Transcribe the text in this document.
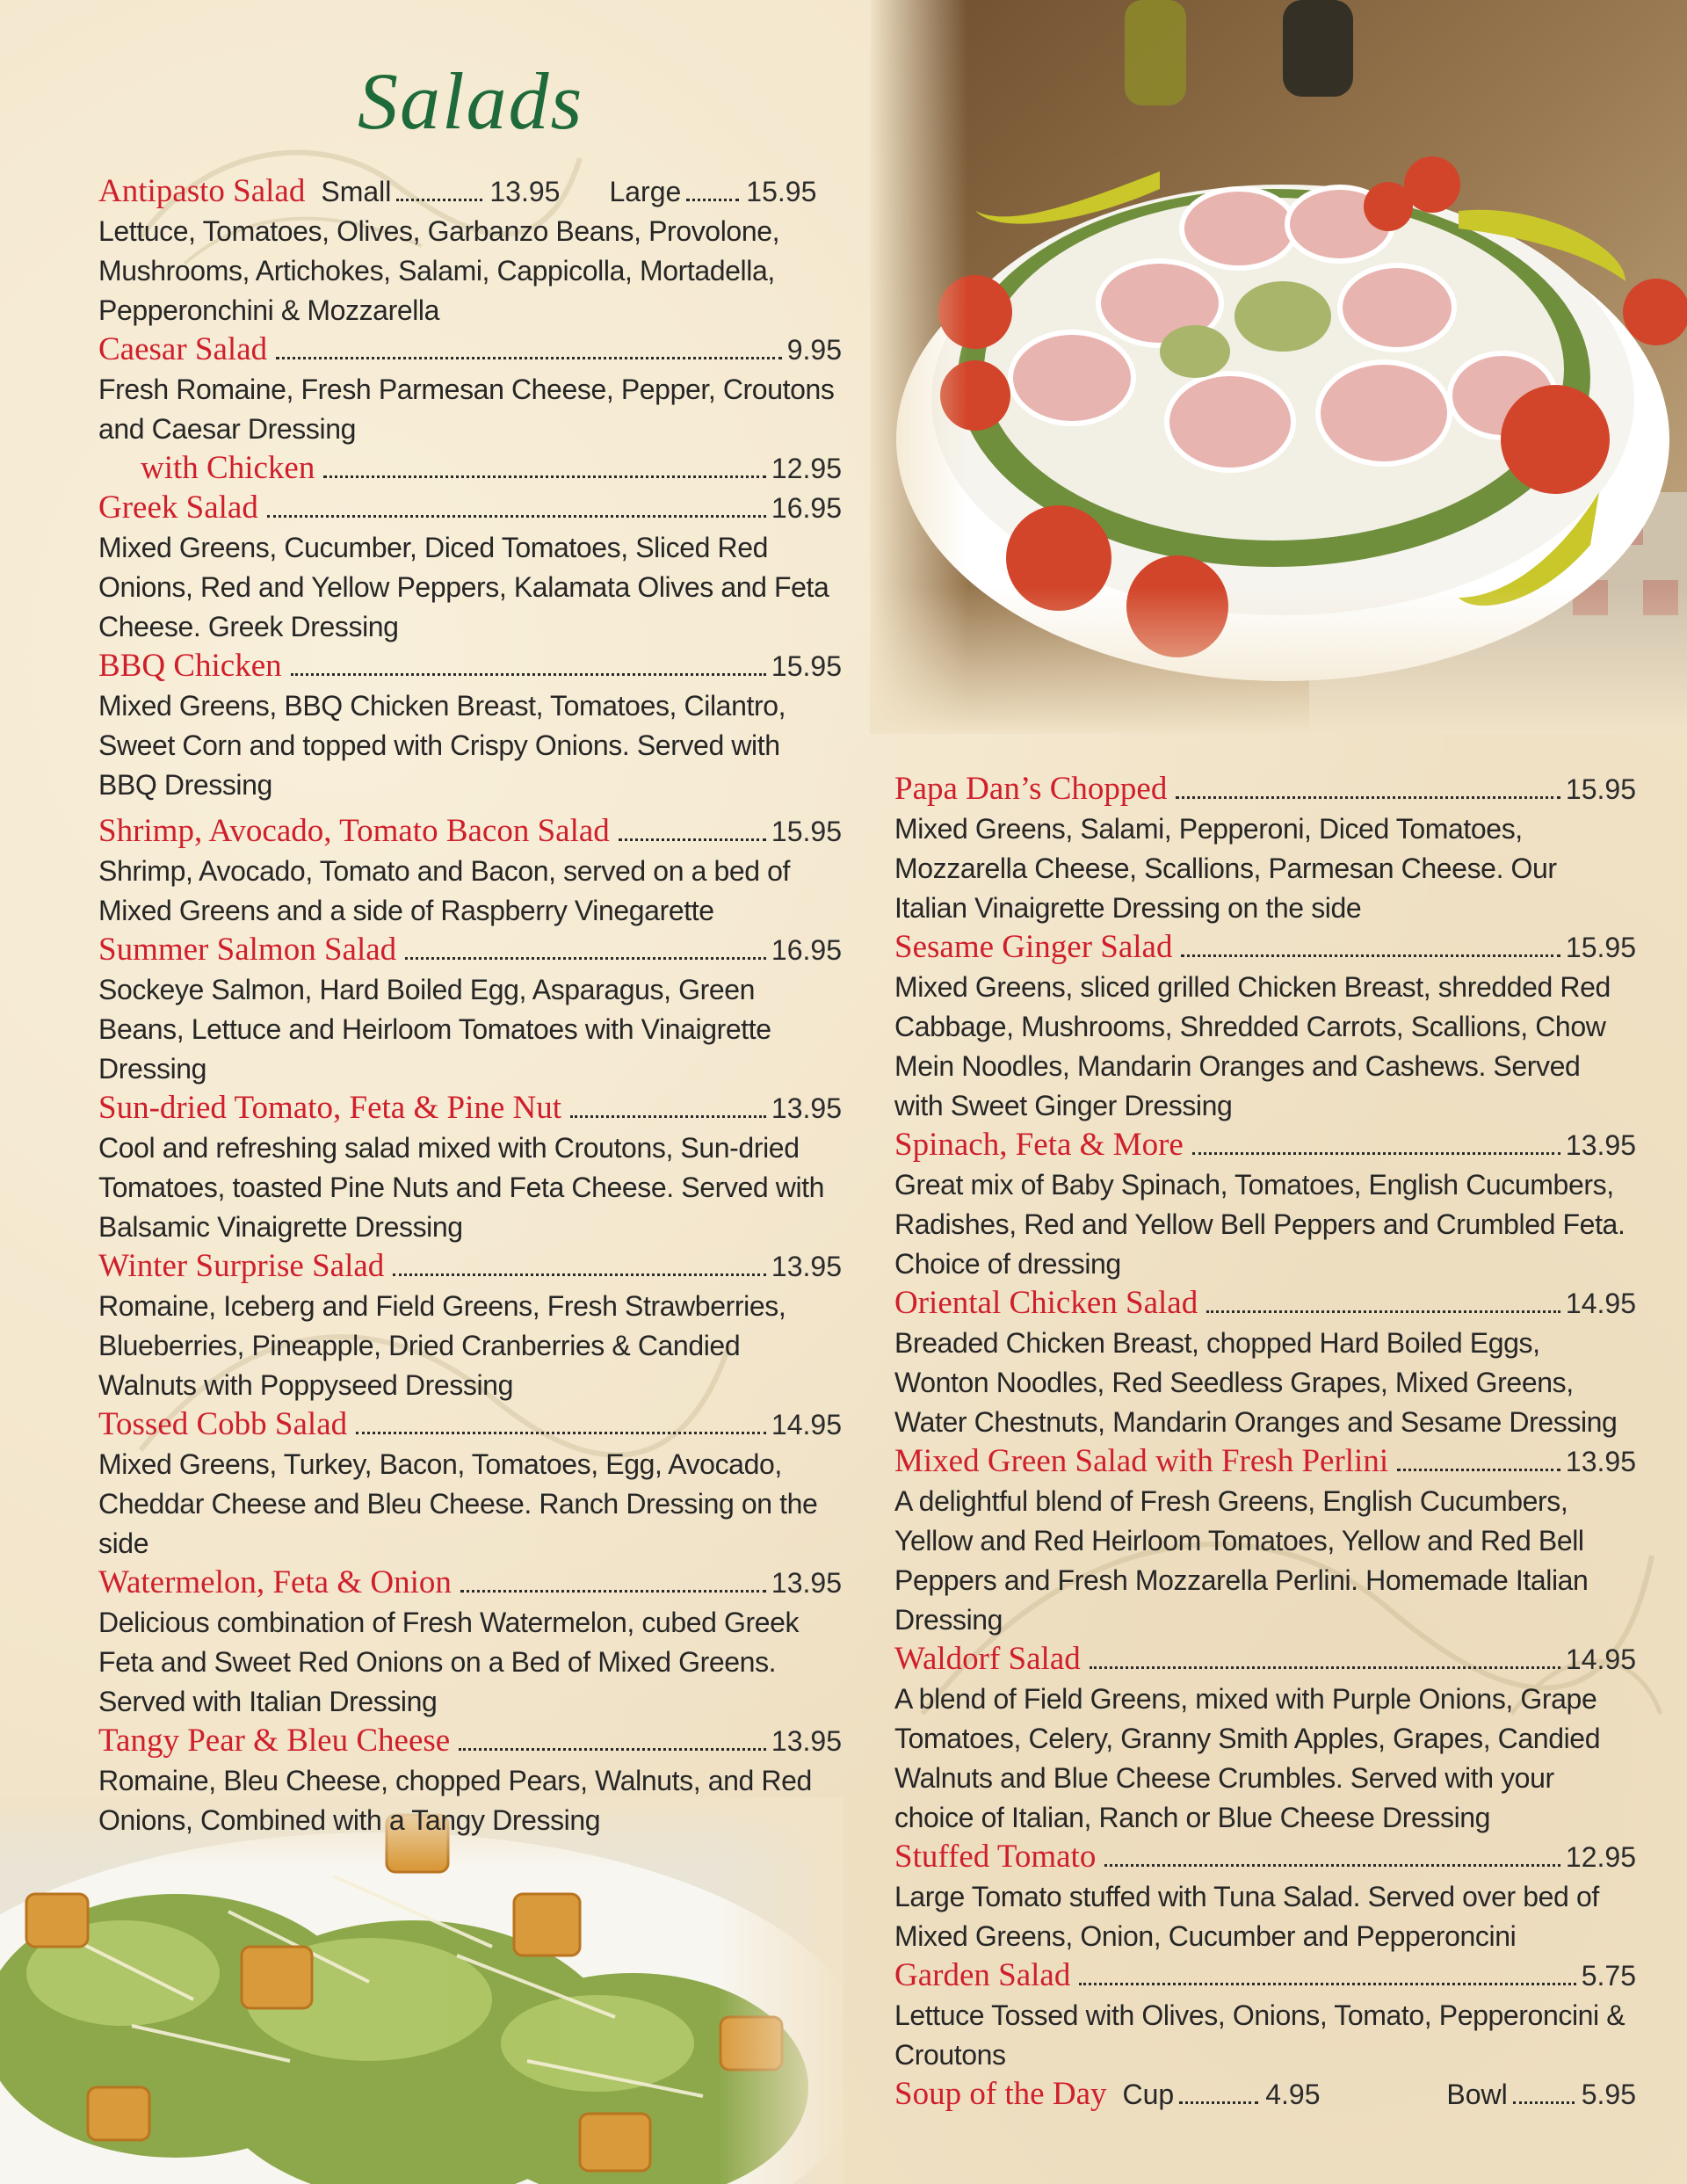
Salads
Antipasto Salad Small	13.95 Large 15.95
Lettuce, Tomatoes, Olives, Garbanzo Beans, Provolone, Mushrooms, Artichokes, Salami, Cappicolla, Mortadella, Pepperonchini & Mozzarella
Caesar Salad	9.95
Fresh Romaine, Fresh Parmesan Cheese, Pepper, Croutons and Caesar Dressing
with Chicken	12.95
Greek Salad	16.95
Mixed Greens, Cucumber, Diced Tomatoes, Sliced Red Onions, Red and Yellow Peppers, Kalamata Olives and Feta Cheese. Greek Dressing
BBQ Chicken	15.95
Mixed Greens, BBQ Chicken Breast, Tomatoes, Cilantro, Sweet Corn and topped with Crispy Onions. Served with BBQ Dressing
Shrimp, Avocado, Tomato Bacon Salad	15.95
Shrimp, Avocado, Tomato and Bacon, served on a bed of Mixed Greens and a side of Raspberry Vinegarette
Summer Salmon Salad	16.95
Sockeye Salmon, Hard Boiled Egg, Asparagus, Green Beans, Lettuce and Heirloom Tomatoes with Vinaigrette Dressing
Sun-dried Tomato, Feta & Pine Nut	13.95
Cool and refreshing salad mixed with Croutons, Sun-dried Tomatoes, toasted Pine Nuts and Feta Cheese. Served with Balsamic Vinaigrette Dressing
Winter Surprise Salad	13.95
Romaine, Iceberg and Field Greens, Fresh Strawberries, Blueberries, Pineapple, Dried Cranberries & Candied Walnuts with Poppyseed Dressing
Tossed Cobb Salad	14.95
Mixed Greens, Turkey, Bacon, Tomatoes, Egg, Avocado, Cheddar Cheese and Bleu Cheese. Ranch Dressing on the side
Watermelon, Feta & Onion	13.95
Delicious combination of Fresh Watermelon, cubed Greek Feta and Sweet Red Onions on a Bed of Mixed Greens. Served with Italian Dressing
Tangy Pear & Bleu Cheese	13.95
Romaine, Bleu Cheese, chopped Pears, Walnuts, and Red Onions, Combined with a Tangy Dressing
Papa Dan’s Chopped	15.95
Mixed Greens, Salami, Pepperoni, Diced Tomatoes, Mozzarella Cheese, Scallions, Parmesan Cheese. Our Italian Vinaigrette Dressing on the side
Sesame Ginger Salad	15.95
Mixed Greens, sliced grilled Chicken Breast, shredded Red Cabbage, Mushrooms, Shredded Carrots, Scallions, Chow Mein Noodles, Mandarin Oranges and Cashews. Served with Sweet Ginger Dressing
Spinach, Feta & More	13.95
Great mix of Baby Spinach, Tomatoes, English Cucumbers, Radishes, Red and Yellow Bell Peppers and Crumbled Feta. Choice of dressing
Oriental Chicken Salad	14.95
Breaded Chicken Breast, chopped Hard Boiled Eggs, Wonton Noodles, Red Seedless Grapes, Mixed Greens, Water Chestnuts, Mandarin Oranges and Sesame Dressing
Mixed Green Salad with Fresh Perlini	13.95
A delightful blend of Fresh Greens, English Cucumbers, Yellow and Red Heirloom Tomatoes, Yellow and Red Bell Peppers and Fresh Mozzarella Perlini. Homemade Italian Dressing
Waldorf Salad	14.95
A blend of Field Greens, mixed with Purple Onions, Grape Tomatoes, Celery, Granny Smith Apples, Grapes, Candied Walnuts and Blue Cheese Crumbles. Served with your choice of Italian, Ranch or Blue Cheese Dressing
Stuffed Tomato	12.95
Large Tomato stuffed with Tuna Salad. Served over bed of Mixed Greens, Onion, Cucumber and Pepperoncini
Garden Salad	5.75
Lettuce Tossed with Olives, Onions, Tomato, Pepperoncini & Croutons
Soup of the Day Cup	4.95	Bowl	5.95
